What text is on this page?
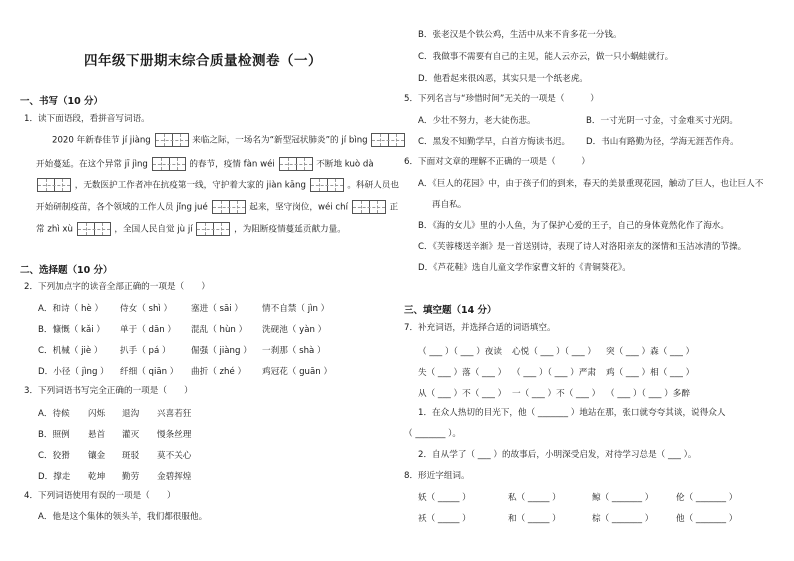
四年级下册期末综合质量检测卷（一）
一、书写（10 分）
1．读下面语段，看拼音写词语。
2020 年新春佳节 jí jiàng	来临之际，一场名为“新型冠状肺炎”的 jí bìng
开始蔓延。在这个异常 jī jìng	的春节，疫情 fàn wéi	不断地 kuò dà
，无数医护工作者冲在抗疫第一线，守护着大家的 jiàn kāng	。科研人员也
开始研制疫苗，各个领域的工作人员 jǐng jué	起来，坚守岗位，wéi chí	正
常 zhì xù	，全国人民自觉 jù jí	，为阻断疫情蔓延贡献力量。
二、选择题（10 分）
2．下列加点字的读音全部正确的一项是（　　）
A．和诗（ hè ） 侍女（ shì ） 塞进（ sāi ） 情不自禁（ jìn ）
B．慷慨（ kǎi ） 单于（ dān ） 混乱（ hùn ） 洗砚池（ yàn ）
C．机械（ jiè ） 扒手（ pá ） 倔强（ jiàng ） 一刹那（ shà ）
D．小径（ jìng ） 纤细（ qiān ） 曲折（ zhé ） 鸡冠花（ guān ）
3．下列词语书写完全正确的一项是（　　）
A．待候 闪烁 退沟 兴喜若狂
B．照例 悬首 灌灭 慢条丝理
C．狡猾 镶金 斑驳 莫不关心
D．撑走 乾坤 勤劳 金碧挥煌
4．下列词语使用有误的一项是（　　）
A．他是这个集体的领头羊，我们都很服他。
B．张老汉是个铁公鸡，生活中从来不肯多花一分钱。
C．我做事不需要有自己的主见，能人云亦云，做一只小蜗蛙就行。
D．他看起来很凶恶，其实只是一个纸老虎。
5．下列名言与“珍惜时间”无关的一项是（　　　）
A．少壮不努力，老大徒伤悲。	B．一寸光阴一寸金，寸金难买寸光阴。
C．黑发不知勤学早，白首方悔读书迟。 D．书山有路勤为径，学海无涯苦作舟。
6．下面对文章的理解不正确的一项是（　　　）
A．《巨人的花园》中，由于孩子们的到来，春天的美景重现花园，触动了巨人，也让巨人不
再自私。
B．《海的女儿》里的小人鱼，为了保护心爱的王子，自己的身体竟然化作了海水。
C．《芙蓉楼送辛渐》是一首送别诗，表现了诗人对洛阳亲友的深情和玉洁冰清的节操。
D．《芦花鞋》选自儿童文学作家曹文轩的《青铜葵花》。
三、填空题（14 分）
7．补充词语，并选择合适的词语填空。
（ ___ ）（ ___ ）夜读 心悦（ ___ ）（ ___ ） 突（ ___ ）森（ ___ ）
失（ ___ ）落（ ___ ） （ ___ ）（ ___ ）严肃 鸡（ ___ ）相（ ___ ）
从（ ___ ）不（ ___ ） 一（ ___ ）不（ ___ ） （ ___ ）（ ___ ）多醉
1．在众人热切的目光下，他（ _______ ）地站在那，张口就夸夸其谈，说得众人
（ _______ ）。
2．自从学了（ ___ ）的故事后，小明深受启发，对待学习总是（ ___ ）。
8．形近字组词。
妖（ _____ ）	私（ _____ ）	鲸（ _______ ）	伦（ _______ ）
袄（ _____ ）	和（ _____ ）	棕（ _______ ）	他（ _______ ）
